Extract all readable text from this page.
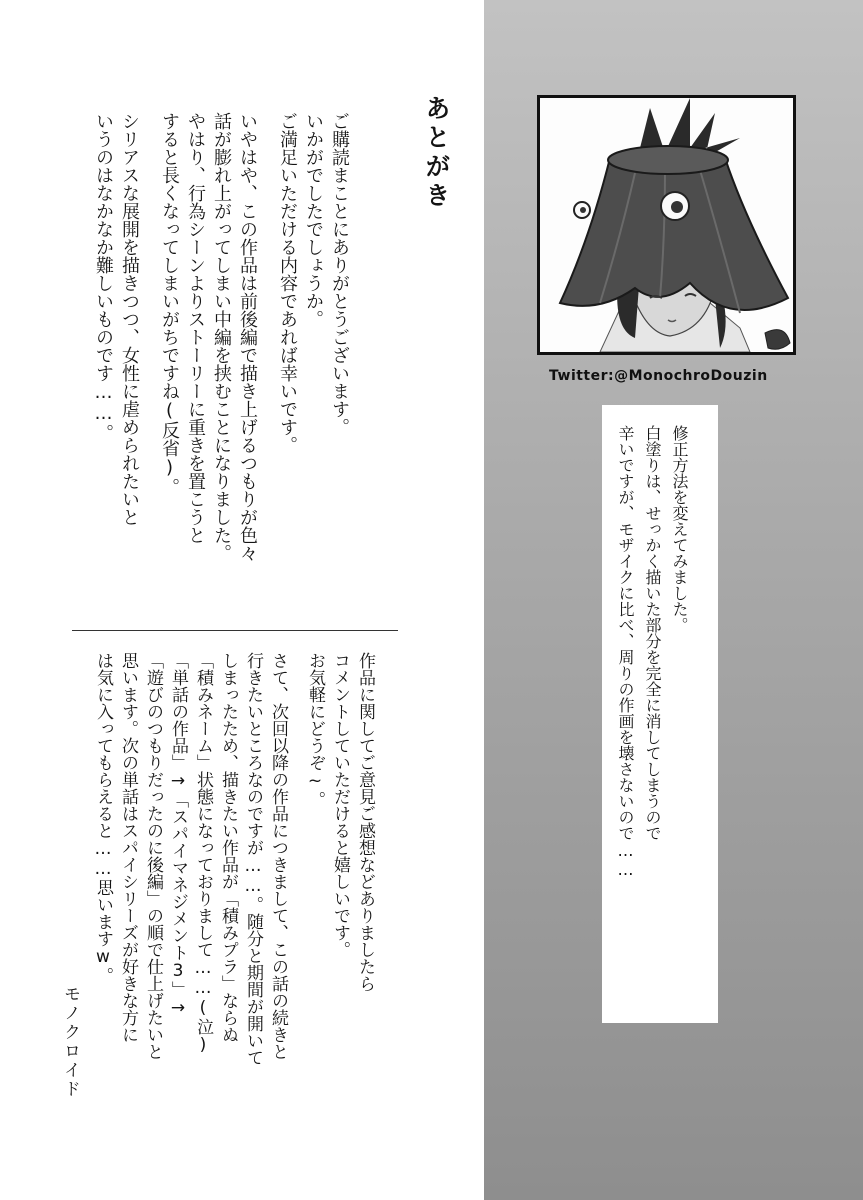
あとがき

ご購読まことにありがとうございます。

いかがでしたでしょうか。

ご満足いただける内容であれば幸いです。

いやはや、この作品は前後編で描き上げるつもりが色々

話が膨れ上がってしまい中編を挟むことになりました。

やはり、行為シーンよりストーリーに重きを置こうと

すると長くなってしまいがちですね(反省)。

シリアスな展開を描きつつ、女性に虐められたいと

いうのはなかなか難しいものです……。

作品に関してご意見ご感想などありましたら

コメントしていただけると嬉しいです。

お気軽にどうぞ~。

さて、次回以降の作品につきまして、この話の続きと

行きたいところなのですが……。随分と期間が開いて

しまったため、描きたい作品が「積みプラ」ならぬ

「積みネーム」状態になっておりまして……(泣)

「単話の作品」→「スパイマネジメント3」→

「遊びのつもりだったのに後編」の順で仕上げたいと

思います。次の単話はスパイシリーズが好きな方に

は気に入ってもらえると……思いますw。

モノクロイド
Twitter:@MonochroDouzin

修正方法を変えてみました。

白塗りは、せっかく描いた部分を完全に消してしまうので

辛いですが、モザイクに比べ、周りの作画を壊さないので……
